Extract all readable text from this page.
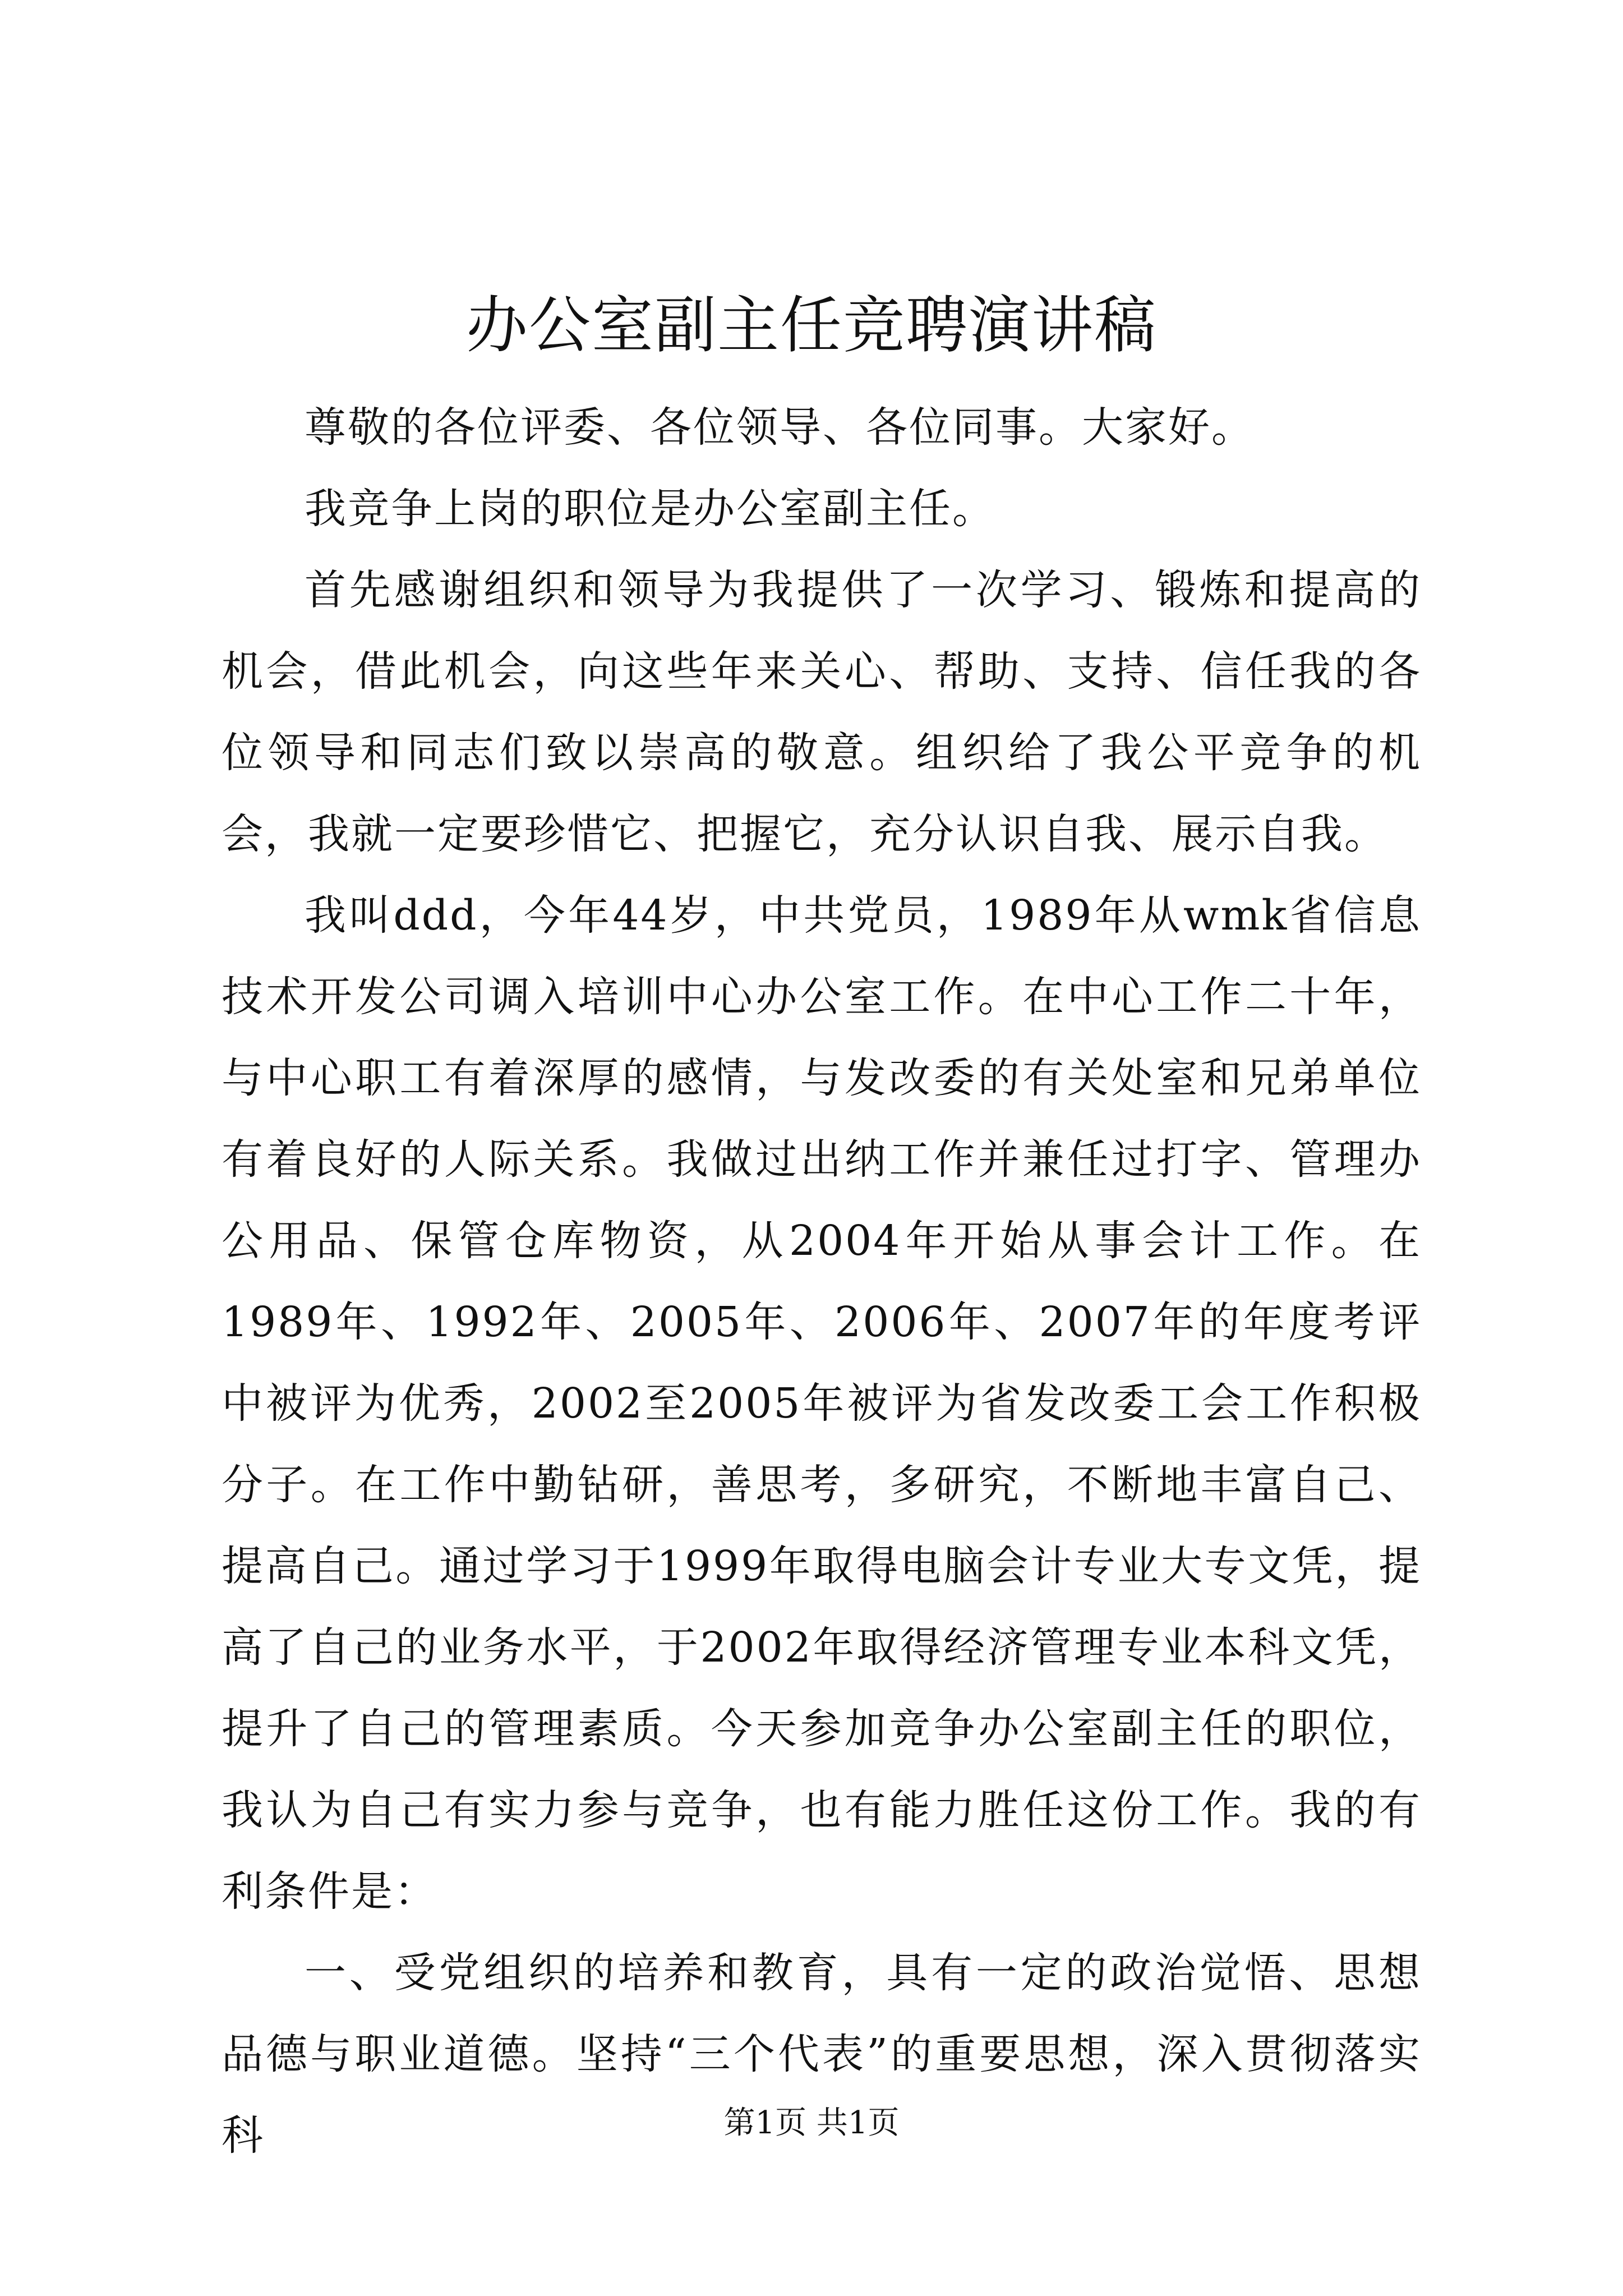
办公室副主任竞聘演讲稿

尊敬的各位评委、各位领导、各位同事。大家好。

我竞争上岗的职位是办公室副主任。

首先感谢组织和领导为我提供了一次学习、锻炼和提高的机会，借此机会，向这些年来关心、帮助、支持、信任我的各位领导和同志们致以崇高的敬意。组织给了我公平竞争的机会，我就一定要珍惜它、把握它，充分认识自我、展示自我。

我叫ddd，今年44岁，中共党员，1989年从wmk省信息技术开发公司调入培训中心办公室工作。在中心工作二十年，与中心职工有着深厚的感情，与发改委的有关处室和兄弟单位有着良好的人际关系。我做过出纳工作并兼任过打字、管理办公用品、保管仓库物资，从2004年开始从事会计工作。在1989年、1992年、2005年、2006年、2007年的年度考评中被评为优秀，2002至2005年被评为省发改委工会工作积极分子。在工作中勤钻研，善思考，多研究，不断地丰富自己、提高自己。通过学习于1999年取得电脑会计专业大专文凭，提高了自己的业务水平，于2002年取得经济管理专业本科文凭，提升了自己的管理素质。今天参加竞争办公室副主任的职位，我认为自己有实力参与竞争，也有能力胜任这份工作。我的有利条件是：

一、受党组织的培养和教育，具有一定的政治觉悟、思想品德与职业道德。坚持“三个代表”的重要思想，深入贯彻落实科	第1页 共1页
